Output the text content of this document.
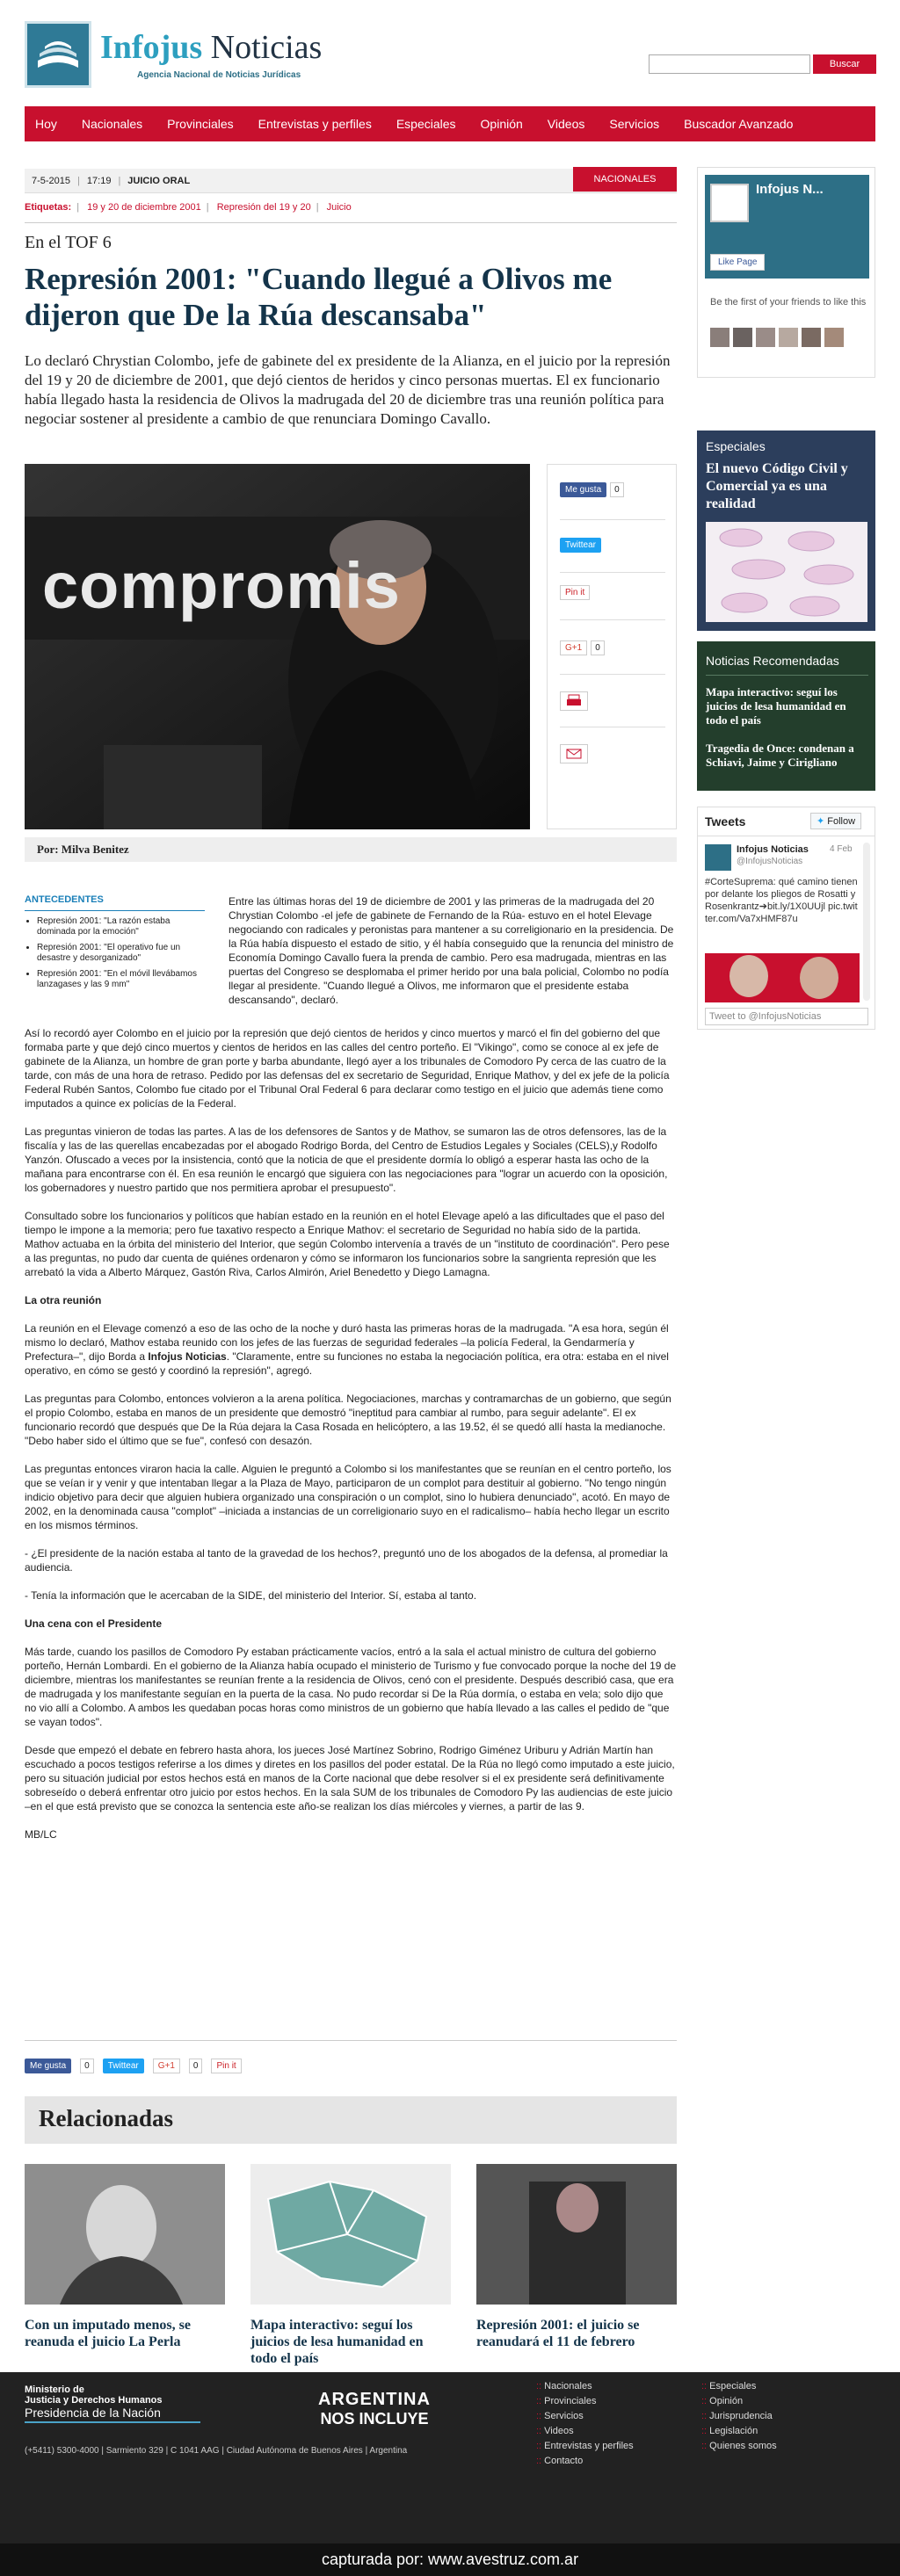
Infojus Noticias
Agencia Nacional de Noticias Jurídicas
Buscar
Hoy Nacionales Provinciales Entrevistas y perfiles Especiales Opinión Videos Servicios Buscador Avanzado
7-5-2015 | 17:19 | JUICIO ORAL	NACIONALES
Etiquetas: | 19 y 20 de diciembre 2001 | Represión del 19 y 20 | Juicio
En el TOF 6
Represión 2001: "Cuando llegué a Olivos me dijeron que De la Rúa descansaba"
Lo declaró Chrystian Colombo, jefe de gabinete del ex presidente de la Alianza, en el juicio por la represión del 19 y 20 de diciembre de 2001, que dejó cientos de heridos y cinco personas muertas. El ex funcionario había llegado hasta la residencia de Olivos la madrugada del 20 de diciembre tras una reunión política para negociar sostener al presidente a cambio de que renunciara Domingo Cavallo.
compromis
Me gusta	0
Twittear
Pin it
G+1	0
Por: Milva Benitez
ANTECEDENTES
• Represión 2001: "La razón estaba dominada por la emoción"
• Represión 2001: "El operativo fue un desastre y desorganizado"
• Represión 2001: "En el móvil llevábamos lanzagases y las 9 mm"

Entre las últimas horas del 19 de diciembre de 2001 y las primeras de la madrugada del 20 Chrystian Colombo -el jefe de gabinete de Fernando de la Rúa- estuvo en el hotel Elevage negociando con radicales y peronistas para mantener a su correligionario en la presidencia. De la Rúa había dispuesto el estado de sitio, y él había conseguido que la renuncia del ministro de Economía Domingo Cavallo fuera la prenda de cambio. Pero esa madrugada, mientras en las puertas del Congreso se desplomaba el primer herido por una bala policial, Colombo no podía llegar al presidente. "Cuando llegué a Olivos, me informaron que el presidente estaba descansando", declaró.

Así lo recordó ayer Colombo en el juicio por la represión que dejó cientos de heridos y cinco muertos y marcó el fin del gobierno del que formaba parte y que dejó cinco muertos y cientos de heridos en las calles del centro porteño. El "Vikingo", como se conoce al ex jefe de gabinete de la Alianza, un hombre de gran porte y barba abundante, llegó ayer a los tribunales de Comodoro Py cerca de las cuatro de la tarde, con más de una hora de retraso. Pedido por las defensas del ex secretario de Seguridad, Enrique Mathov, y del ex jefe de la policía Federal Rubén Santos, Colombo fue citado por el Tribunal Oral Federal 6 para declarar como testigo en el juicio que además tiene como imputados a quince ex policías de la Federal.

Las preguntas vinieron de todas las partes. A las de los defensores de Santos y de Mathov, se sumaron las de otros defensores, las de la fiscalía y las de las querellas encabezadas por el abogado Rodrigo Borda, del Centro de Estudios Legales y Sociales (CELS),y Rodolfo Yanzón. Ofuscado a veces por la insistencia, contó que la noticia de que el presidente dormía lo obligó a esperar hasta las ocho de la mañana para encontrarse con él. En esa reunión le encargó que siguiera con las negociaciones para "lograr un acuerdo con la oposición, los gobernadores y nuestro partido que nos permitiera aprobar el presupuesto".

Consultado sobre los funcionarios y políticos que habían estado en la reunión en el hotel Elevage apeló a las dificultades que el paso del tiempo le impone a la memoria; pero fue taxativo respecto a Enrique Mathov: el secretario de Seguridad no había sido de la partida. Mathov actuaba en la órbita del ministerio del Interior, que según Colombo intervenía a través de un "instituto de coordinación". Pero pese a las preguntas, no pudo dar cuenta de quiénes ordenaron y cómo se informaron los funcionarios sobre la sangrienta represión que les arrebató la vida a Alberto Márquez, Gastón Riva, Carlos Almirón, Ariel Benedetto y Diego Lamagna.

La otra reunión

La reunión en el Elevage comenzó a eso de las ocho de la noche y duró hasta las primeras horas de la madrugada. "A esa hora, según él mismo lo declaró, Mathov estaba reunido con los jefes de las fuerzas de seguridad federales –la policía Federal, la Gendarmería y Prefectura–", dijo Borda a Infojus Noticias. "Claramente, entre su funciones no estaba la negociación política, era otra: estaba en el nivel operativo, en cómo se gestó y coordinó la represión", agregó.

Las preguntas para Colombo, entonces volvieron a la arena política. Negociaciones, marchas y contramarchas de un gobierno, que según el propio Colombo, estaba en manos de un presidente que demostró "ineptitud para cambiar al rumbo, para seguir adelante". El ex funcionario recordó que después que De la Rúa dejara la Casa Rosada en helicóptero, a las 19.52, él se quedó allí hasta la medianoche. "Debo haber sido el último que se fue", confesó con desazón.

Las preguntas entonces viraron hacia la calle. Alguien le preguntó a Colombo si los manifestantes que se reunían en el centro porteño, los que se veían ir y venir y que intentaban llegar a la Plaza de Mayo, participaron de un complot para destituir al gobierno. "No tengo ningún indicio objetivo para decir que alguien hubiera organizado una conspiración o un complot, sino lo hubiera denunciado", acotó. En mayo de 2002, en la denominada causa "complot" –iniciada a instancias de un correligionario suyo en el radicalismo– había hecho llegar un escrito en los mismos términos.

- ¿El presidente de la nación estaba al tanto de la gravedad de los hechos?, preguntó uno de los abogados de la defensa, al promediar la audiencia.

- Tenía la información que le acercaban de la SIDE, del ministerio del Interior. Sí, estaba al tanto.

Una cena con el Presidente

Más tarde, cuando los pasillos de Comodoro Py estaban prácticamente vacíos, entró a la sala el actual ministro de cultura del gobierno porteño, Hernán Lombardi. En el gobierno de la Alianza había ocupado el ministerio de Turismo y fue convocado porque la noche del 19 de diciembre, mientras los manifestantes se reunían frente a la residencia de Olivos, cenó con el presidente. Después describió casa, que era de madrugada y los manifestante seguían en la puerta de la casa. No pudo recordar si De la Rúa dormía, o estaba en vela; solo dijo que no vio allí a Colombo. A ambos les quedaban pocas horas como ministros de un gobierno que había llevado a las calles el pedido de "que se vayan todos".

Desde que empezó el debate en febrero hasta ahora, los jueces José Martínez Sobrino, Rodrigo Giménez Uriburu y Adrián Martín han escuchado a pocos testigos referirse a los dimes y diretes en los pasillos del poder estatal. De la Rúa no llegó como imputado a este juicio, pero su situación judicial por estos hechos está en manos de la Corte nacional que debe resolver si el ex presidente será definitivamente sobreseído o deberá enfrentar otro juicio por estos hechos. En la sala SUM de los tribunales de Comodoro Py las audiencias de este juicio –en el que está previsto que se conozca la sentencia este año-se realizan los días miércoles y viernes, a partir de las 9.

MB/LC

Me gusta	0	Twittear	G+1	0	Pin it
Relacionadas
Con un imputado menos, se reanuda el juicio La Perla
Mapa interactivo: seguí los juicios de lesa humanidad en todo el país
Represión 2001: el juicio se reanudará el 11 de febrero
Infojus N...
Like Page
Be the first of your friends to like this
Especiales
El nuevo Código Civil y Comercial ya es una realidad
Noticias Recomendadas
Mapa interactivo: seguí los juicios de lesa humanidad en todo el país
Tragedia de Once: condenan a Schiavi, Jaime y Cirigliano
Tweets	✦ Follow
Infojus Noticias 4 Feb
@InfojusNoticias
#CorteSuprema: qué camino tienen por delante los pliegos de Rosatti y Rosenkrantz➔bit.ly/1X0UUjl pic.twitter.com/Va7xHMF87u
Tweet to @InfojusNoticias
Ministerio de
Justicia y Derechos Humanos
Presidencia de la Nación
ARGENTINA
NOS INCLUYE
(+5411) 5300-4000 | Sarmiento 329 | C 1041 AAG | Ciudad Autónoma de Buenos Aires | Argentina
:: Nacionales
:: Provinciales
:: Servicios
:: Videos
:: Entrevistas y perfiles
:: Contacto
:: Especiales
:: Opinión
:: Jurisprudencia
:: Legislación
:: Quienes somos
capturada por: www.avestruz.com.ar
